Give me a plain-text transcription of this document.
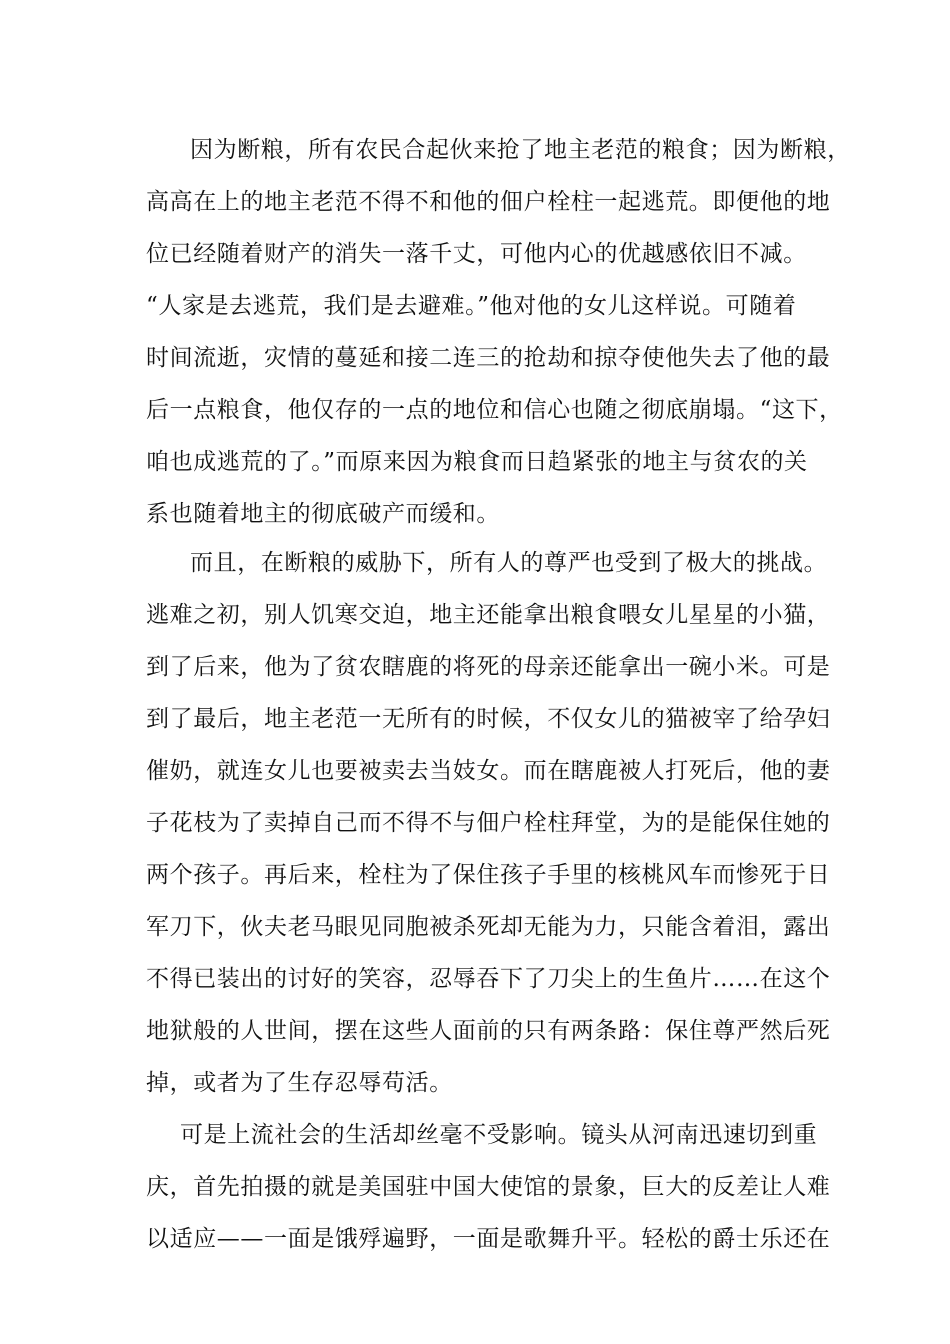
因为断粮，所有农民合起伙来抢了地主老范的粮食；因为断粮，
高高在上的地主老范不得不和他的佃户栓柱一起逃荒。即便他的地
位已经随着财产的消失一落千丈，可他内心的优越感依旧不减。
“人家是去逃荒，我们是去避难。”他对他的女儿这样说。可随着
时间流逝，灾情的蔓延和接二连三的抢劫和掠夺使他失去了他的最
后一点粮食，他仅存的一点的地位和信心也随之彻底崩塌。“这下，
咱也成逃荒的了。”而原来因为粮食而日趋紧张的地主与贫农的关
系也随着地主的彻底破产而缓和。
而且，在断粮的威胁下，所有人的尊严也受到了极大的挑战。
逃难之初，别人饥寒交迫，地主还能拿出粮食喂女儿星星的小猫，
到了后来，他为了贫农瞎鹿的将死的母亲还能拿出一碗小米。可是
到了最后，地主老范一无所有的时候，不仅女儿的猫被宰了给孕妇
催奶，就连女儿也要被卖去当妓女。而在瞎鹿被人打死后，他的妻
子花枝为了卖掉自己而不得不与佃户栓柱拜堂，为的是能保住她的
两个孩子。再后来，栓柱为了保住孩子手里的核桃风车而惨死于日
军刀下，伙夫老马眼见同胞被杀死却无能为力，只能含着泪，露出
不得已装出的讨好的笑容，忍辱吞下了刀尖上的生鱼片……在这个
地狱般的人世间，摆在这些人面前的只有两条路：保住尊严然后死
掉，或者为了生存忍辱苟活。
可是上流社会的生活却丝毫不受影响。镜头从河南迅速切到重
庆，首先拍摄的就是美国驻中国大使馆的景象，巨大的反差让人难
以适应——一面是饿殍遍野，一面是歌舞升平。轻松的爵士乐还在
